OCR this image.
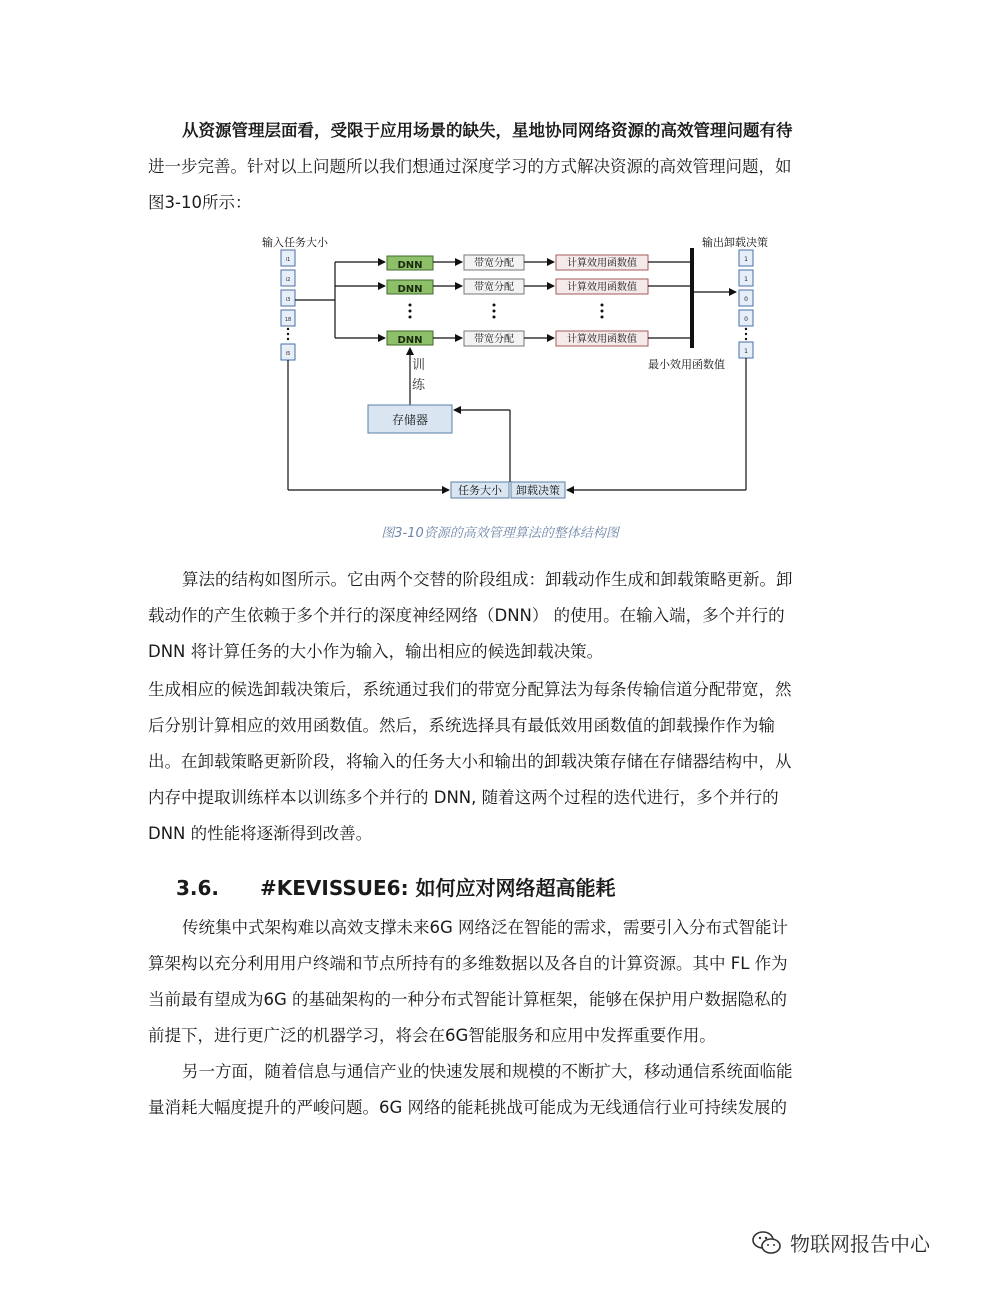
从资源管理层面看，受限于应用场景的缺失，星地协同网络资源的高效管理问题有待

进一步完善。针对以上问题所以我们想通过深度学习的方式解决资源的高效管理问题，如

图3-10所示：

输入任务大小	输出卸载决策
i1
i2
i3
18
i5
DNN	带宽分配	计算效用函数值
DNN	带宽分配	计算效用函数值
DNN	带宽分配	计算效用函数值
最小效用函数值
1
1
0
0
1
训
练
存储器
任务大小 卸载决策
图3-10资源的高效管理算法的整体结构图

算法的结构如图所示。它由两个交替的阶段组成：卸载动作生成和卸载策略更新。卸

载动作的产生依赖于多个并行的深度神经网络（DNN） 的使用。在输入端，多个并行的

DNN 将计算任务的大小作为输入，输出相应的候选卸载决策。

生成相应的候选卸载决策后，系统通过我们的带宽分配算法为每条传输信道分配带宽，然

后分别计算相应的效用函数值。然后，系统选择具有最低效用函数值的卸载操作作为输

出。在卸载策略更新阶段，将输入的任务大小和输出的卸载决策存储在存储器结构中，从

内存中提取训练样本以训练多个并行的 DNN, 随着这两个过程的迭代进行，多个并行的

DNN 的性能将逐渐得到改善。

3.6. #KEVISSUE6: 如何应对网络超高能耗

传统集中式架构难以高效支撑未来6G 网络泛在智能的需求，需要引入分布式智能计

算架构以充分利用用户终端和节点所持有的多维数据以及各自的计算资源。其中 FL 作为

当前最有望成为6G 的基础架构的一种分布式智能计算框架，能够在保护用户数据隐私的

前提下，进行更广泛的机器学习，将会在6G智能服务和应用中发挥重要作用。

另一方面，随着信息与通信产业的快速发展和规模的不断扩大，移动通信系统面临能

量消耗大幅度提升的严峻问题。6G 网络的能耗挑战可能成为无线通信行业可持续发展的

物联网报告中心
